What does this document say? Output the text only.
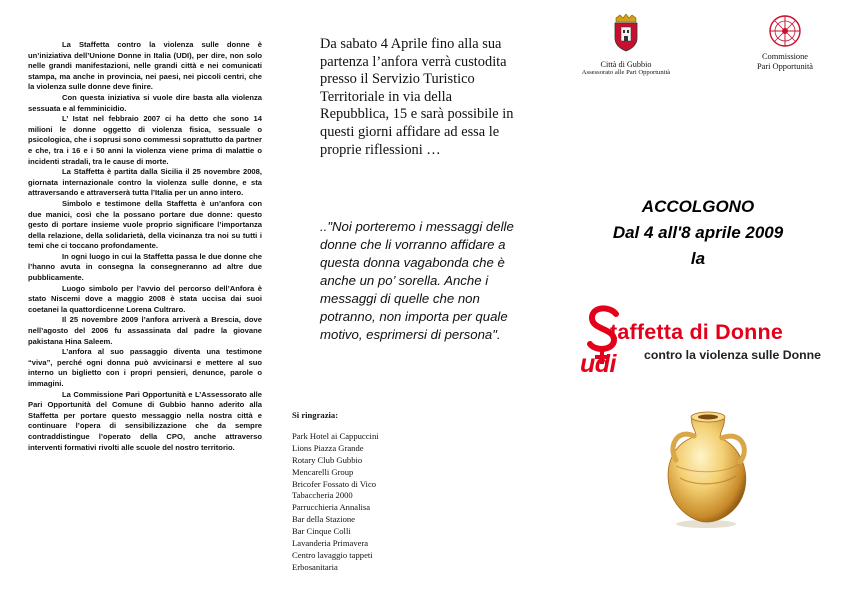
La Staffetta contro la violenza sulle donne è un’iniziativa dell’Unione Donne in Italia (UDI), per dire, non solo nelle grandi manifestazioni, nelle grandi città e nei comunicati stampa, ma anche in provincia, nei paesi, nei piccoli centri, che la violenza sulle donne deve finire.

Con questa iniziativa si vuole dire basta alla violenza sessuata e al femminicidio.

L’ Istat nel febbraio 2007 ci ha detto che sono 14 milioni le donne oggetto di violenza fisica, sessuale o psicologica, che i soprusi sono commessi soprattutto da partner e che, tra i 16 e i 50 anni la violenza viene prima di malattie o incidenti stradali, tra le cause di morte.

La Staffetta è partita dalla Sicilia il 25 novembre 2008, giornata internazionale contro la violenza sulle donne, e sta attraversando e attraverserà tutta l’Italia per un anno intero.

Simbolo e testimone della Staffetta è un’anfora con due manici, così che la possano portare due donne: questo gesto di portare insieme vuole proprio significare l’importanza della relazione, della solidarietà, della vicinanza tra noi su tutti i temi che ci toccano profondamente.

In ogni luogo in cui la Staffetta passa le due donne che l’hanno avuta in consegna la consegneranno ad altre due pubblicamente.

Luogo simbolo per l’avvio del percorso dell’Anfora è stato Niscemi dove a maggio 2008 è stata uccisa dai suoi coetanei la quattordicenne Lorena Cultraro.

Il 25 novembre 2009 l’anfora arriverà a Brescia, dove nell’agosto del 2006 fu assassinata dal padre la giovane pakistana Hina Saleem.

L’anfora al suo passaggio diventa una testimone “viva”, perché ogni donna può avvicinarsi e mettere al suo interno un biglietto con i propri pensieri, denunce, parole o immagini.

La Commissione Pari Opportunità e L’Assessorato alle Pari Opportunità del Comune di Gubbio hanno aderito alla Staffetta per portare questo messaggio nella nostra città e continuare l’opera di sensibilizzazione che da sempre contraddistingue l’operato della CPO, anche attraverso interventi formativi rivolti alle scuole del nostro territorio.

Da sabato 4 Aprile fino alla sua partenza l’anfora verrà custodita presso il Servizio Turistico Territoriale in via della Repubblica, 15 e sarà possibile in questi giorni affidare ad essa le proprie riflessioni …

.."Noi porteremo i messaggi delle donne che li vorranno affidare a questa donna vagabonda che è anche un po’ sorella. Anche i messaggi di quelle che non potranno, non importa per quale motivo, esprimersi di persona".

Si ringrazia:
Park Hotel ai Cappuccini
Lions Piazza Grande
Rotary Club Gubbio
Mencarelli Group
Bricofer Fossato di Vico
Tabaccheria 2000
Parrucchieria Annalisa
Bar della Stazione
Bar Cinque Colli
Lavanderia Primavera
Centro lavaggio tappeti
Erbosanitaria
Città di Gubbio
Assessorato alle Pari Opportunità
Commissione
Pari Opportunità
ACCOLGONO
Dal 4 all'8 aprile 2009
la
taffetta di Donne
contro la violenza sulle Donne
udi
